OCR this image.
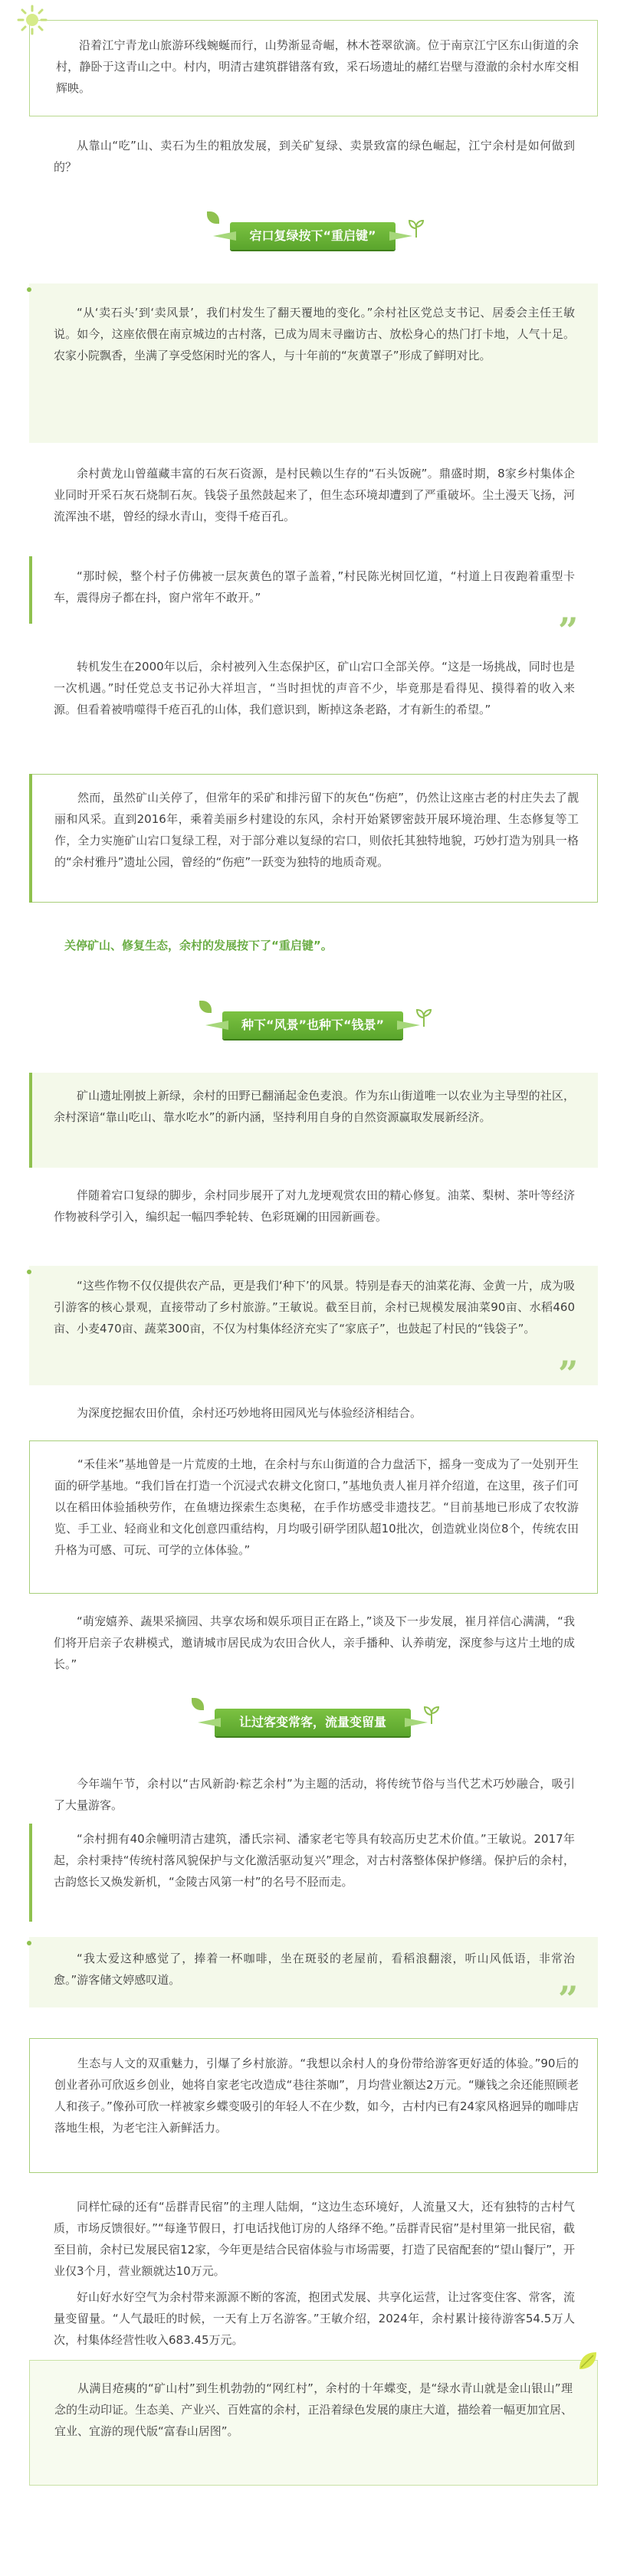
沿着江宁青龙山旅游环线蜿蜒而行，山势渐显奇崛，林木苍翠欲滴。位于南京江宁区东山街道的余村，静卧于这青山之中。村内，明清古建筑群错落有致，采石场遗址的赭红岩壁与澄澈的余村水库交相辉映。

从靠山“吃”山、卖石为生的粗放发展，到关矿复绿、卖景致富的绿色崛起，江宁余村是如何做到的？

宕口复绿按下“重启键”

“从‘卖石头’到‘卖风景’，我们村发生了翻天覆地的变化。”余村社区党总支书记、居委会主任王敏说。如今，这座依偎在南京城边的古村落，已成为周末寻幽访古、放松身心的热门打卡地，人气十足。农家小院飘香，坐满了享受悠闲时光的客人，与十年前的“灰黄罩子”形成了鲜明对比。

余村黄龙山曾蕴藏丰富的石灰石资源，是村民赖以生存的“石头饭碗”。鼎盛时期，8家乡村集体企业同时开采石灰石烧制石灰。钱袋子虽然鼓起来了，但生态环境却遭到了严重破坏。尘土漫天飞扬，河流浑浊不堪，曾经的绿水青山，变得千疮百孔。

“那时候，整个村子仿佛被一层灰黄色的罩子盖着，”村民陈光树回忆道，“村道上日夜跑着重型卡车，震得房子都在抖，窗户常年不敢开。”

”

转机发生在2000年以后，余村被列入生态保护区，矿山宕口全部关停。“这是一场挑战，同时也是一次机遇。”时任党总支书记孙大祥坦言，“当时担忧的声音不少，毕竟那是看得见、摸得着的收入来源。但看着被啃噬得千疮百孔的山体，我们意识到，断掉这条老路，才有新生的希望。”

然而，虽然矿山关停了，但常年的采矿和排污留下的灰色“伤疤”，仍然让这座古老的村庄失去了靓丽和风采。直到2016年，乘着美丽乡村建设的东风，余村开始紧锣密鼓开展环境治理、生态修复等工作，全力实施矿山宕口复绿工程，对于部分难以复绿的宕口，则依托其独特地貌，巧妙打造为别具一格的“余村雅丹”遗址公园，曾经的“伤疤”一跃变为独特的地质奇观。

关停矿山、修复生态，余村的发展按下了“重启键”。

种下“风景”也种下“钱景”

矿山遗址刚披上新绿，余村的田野已翻涌起金色麦浪。作为东山街道唯一以农业为主导型的社区，余村深谙“靠山吃山、靠水吃水”的新内涵，坚持利用自身的自然资源赢取发展新经济。

伴随着宕口复绿的脚步，余村同步展开了对九龙埂观赏农田的精心修复。油菜、梨树、茶叶等经济作物被科学引入，编织起一幅四季轮转、色彩斑斓的田园新画卷。

“这些作物不仅仅提供农产品，更是我们‘种下’的风景。特别是春天的油菜花海、金黄一片，成为吸引游客的核心景观，直接带动了乡村旅游。”王敏说。截至目前，余村已规模发展油菜90亩、水稻460亩、小麦470亩、蔬菜300亩，不仅为村集体经济充实了“家底子”，也鼓起了村民的“钱袋子”。

”

为深度挖掘农田价值，余村还巧妙地将田园风光与体验经济相结合。

“禾佳米”基地曾是一片荒废的土地，在余村与东山街道的合力盘活下，摇身一变成为了一处别开生面的研学基地。“我们旨在打造一个沉浸式农耕文化窗口，”基地负责人崔月祥介绍道，在这里，孩子们可以在稻田体验插秧劳作，在鱼塘边探索生态奥秘，在手作坊感受非遗技艺。“目前基地已形成了农牧游览、手工业、轻商业和文化创意四重结构，月均吸引研学团队超10批次，创造就业岗位8个，传统农田升格为可感、可玩、可学的立体体验。”

“萌宠嬉养、蔬果采摘园、共享农场和娱乐项目正在路上，”谈及下一步发展，崔月祥信心满满，“我们将开启亲子农耕模式，邀请城市居民成为农田合伙人，亲手播种、认养萌宠，深度参与这片土地的成长。”

让过客变常客，流量变留量

今年端午节，余村以“古风新韵·粽艺余村”为主题的活动，将传统节俗与当代艺术巧妙融合，吸引了大量游客。

“余村拥有40余幢明清古建筑，潘氏宗祠、潘家老宅等具有较高历史艺术价值。”王敏说。2017年起，余村秉持“传统村落风貌保护与文化激活驱动复兴”理念，对古村落整体保护修缮。保护后的余村，古韵悠长又焕发新机，“金陵古风第一村”的名号不胫而走。

“我太爱这种感觉了，捧着一杯咖啡，坐在斑驳的老屋前，看稻浪翻滚，听山风低语，非常治愈。”游客储文婷感叹道。	”

生态与人文的双重魅力，引爆了乡村旅游。“我想以余村人的身份带给游客更好适的体验。”90后的创业者孙可欣返乡创业，她将自家老宅改造成“巷往茶咖”，月均营业额达2万元。“赚钱之余还能照顾老人和孩子。”像孙可欣一样被家乡蝶变吸引的年轻人不在少数，如今，古村内已有24家风格迥异的咖啡店落地生根，为老宅注入新鲜活力。

同样忙碌的还有“岳群青民宿”的主理人陆炯，“这边生态环境好，人流量又大，还有独特的古村气质，市场反馈很好。”“每逢节假日，打电话找他订房的人络绎不绝。”岳群青民宿”是村里第一批民宿，截至目前，余村已发展民宿12家，今年更是结合民宿体验与市场需要，打造了民宿配套的“望山餐厅”，开业仅3个月，营业额就达10万元。

好山好水好空气为余村带来源源不断的客流，抱团式发展、共享化运营，让过客变住客、常客，流量变留量。“人气最旺的时候，一天有上万名游客。”王敏介绍，2024年，余村累计接待游客54.5万人次，村集体经营性收入683.45万元。

从满目疮痍的“矿山村”到生机勃勃的“网红村”，余村的十年蝶变，是“绿水青山就是金山银山”理念的生动印证。生态美、产业兴、百姓富的余村，正沿着绿色发展的康庄大道，描绘着一幅更加宜居、宜业、宜游的现代版“富春山居图”。
